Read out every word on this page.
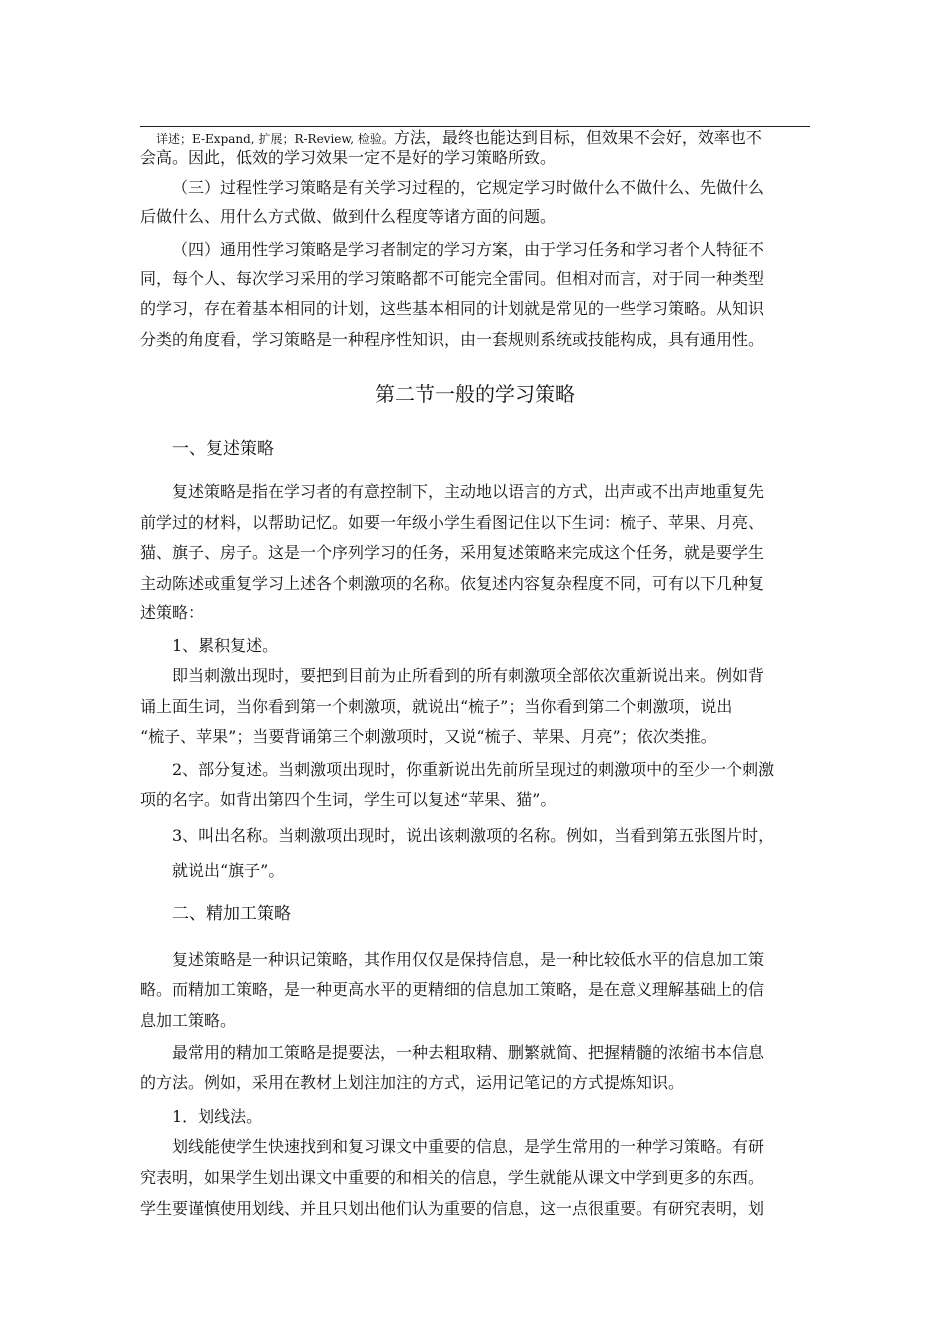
详述；E-Expand, 扩展；R-Review, 检验。方法，最终也能达到目标，但效果不会好，效率也不
会高。因此，低效的学习效果一定不是好的学习策略所致。
（三）过程性学习策略是有关学习过程的，它规定学习时做什么不做什么、先做什么
后做什么、用什么方式做、做到什么程度等诸方面的问题。
（四）通用性学习策略是学习者制定的学习方案，由于学习任务和学习者个人特征不
同，每个人、每次学习采用的学习策略都不可能完全雷同。但相对而言，对于同一种类型
的学习，存在着基本相同的计划，这些基本相同的计划就是常见的一些学习策略。从知识
分类的角度看，学习策略是一种程序性知识，由一套规则系统或技能构成，具有通用性。
第二节一般的学习策略
一、复述策略
复述策略是指在学习者的有意控制下，主动地以语言的方式，出声或不出声地重复先
前学过的材料，以帮助记忆。如要一年级小学生看图记住以下生词：梳子、苹果、月亮、
猫、旗子、房子。这是一个序列学习的任务，采用复述策略来完成这个任务，就是要学生
主动陈述或重复学习上述各个刺激项的名称。依复述内容复杂程度不同，可有以下几种复
述策略：
1、累积复述。
即当刺激出现时，要把到目前为止所看到的所有刺激项全部依次重新说出来。例如背
诵上面生词，当你看到第一个刺激项，就说出“梳子”；当你看到第二个刺激项，说出
“梳子、苹果”；当要背诵第三个刺激项时，又说“梳子、苹果、月亮”；依次类推。
2、部分复述。当刺激项出现时，你重新说出先前所呈现过的刺激项中的至少一个刺激
项的名字。如背出第四个生词，学生可以复述“苹果、猫”。
3、叫出名称。当刺激项出现时，说出该刺激项的名称。例如，当看到第五张图片时，
就说出“旗子”。
二、精加工策略
复述策略是一种识记策略，其作用仅仅是保持信息，是一种比较低水平的信息加工策
略。而精加工策略，是一种更高水平的更精细的信息加工策略，是在意义理解基础上的信
息加工策略。
最常用的精加工策略是提要法，一种去粗取精、删繁就简、把握精髓的浓缩书本信息
的方法。例如，采用在教材上划注加注的方式，运用记笔记的方式提炼知识。
1．划线法。
划线能使学生快速找到和复习课文中重要的信息，是学生常用的一种学习策略。有研
究表明，如果学生划出课文中重要的和相关的信息，学生就能从课文中学到更多的东西。
学生要谨慎使用划线、并且只划出他们认为重要的信息，这一点很重要。有研究表明，划
